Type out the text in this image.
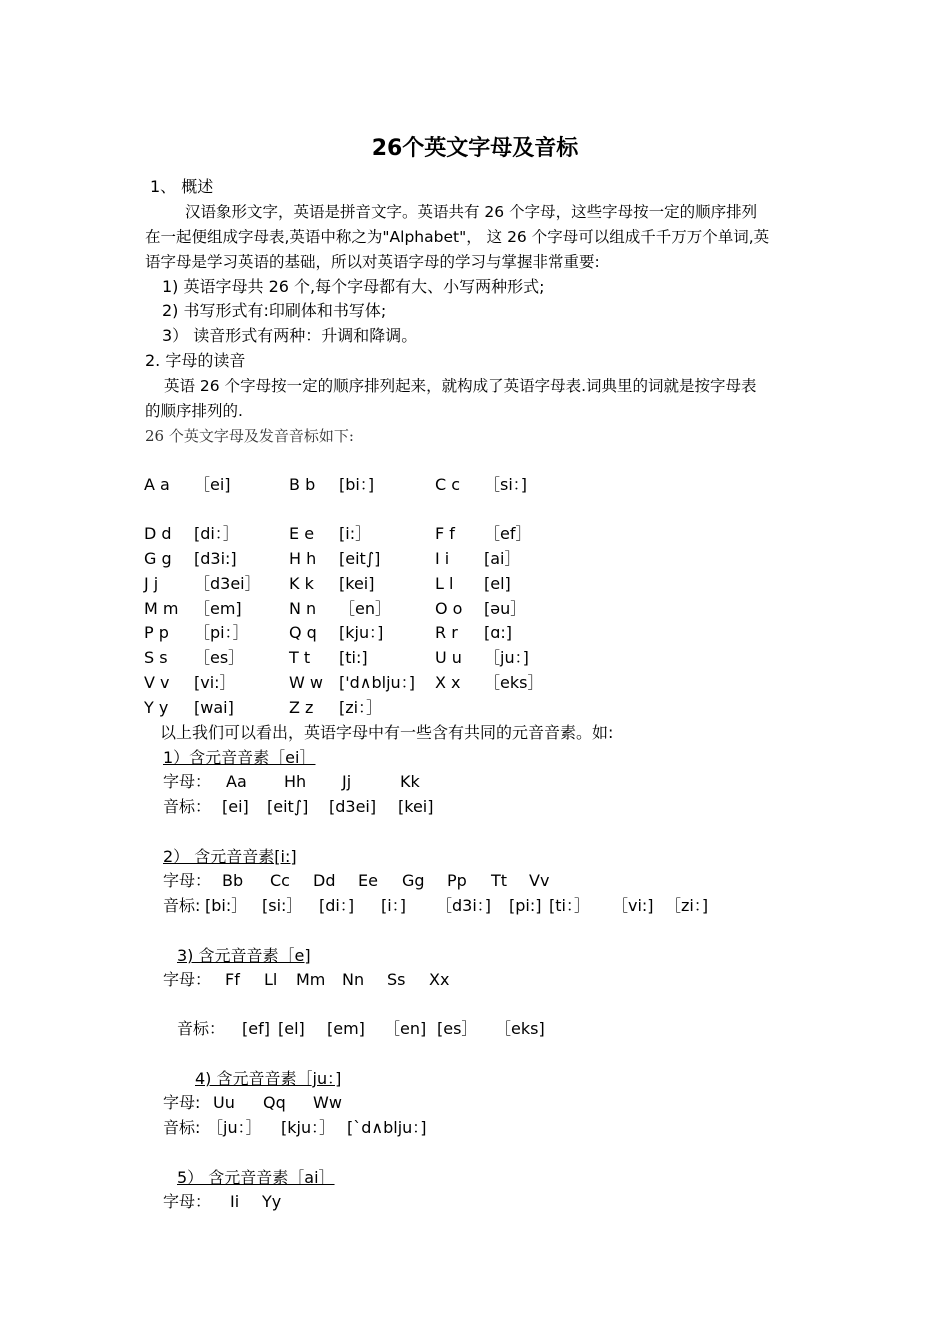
26个英文字母及音标
1、 概述
汉语象形文字，英语是拼音文字。英语共有 26 个字母，这些字母按一定的顺序排列
在一起便组成字母表,英语中称之为"Alphabet"， 这 26 个字母可以组成千千万万个单词,英
语字母是学习英语的基础，所以对英语字母的学习与掌握非常重要:
1) 英语字母共 26 个,每个字母都有大、小写两种形式;
2) 书写形式有:印刷体和书写体;
3） 读音形式有两种：升调和降调。
2. 字母的读音
英语 26 个字母按一定的顺序排列起来，就构成了英语字母表.词典里的词就是按字母表
的顺序排列的.
26 个英文字母及发音音标如下:
A a ［ei]	B b [bi：]	C c ［si：]
D d [di：］	E e [i:］	F f ［ef］
G g [d3i:]	H h [eit∫]	I i [ai］
J j ［d3ei］ K k [kei]	L l [el]
M m ［em]	N n ［en］	O o [əu］
P p ［pi：］	Q q [kju：]	R r [ɑ:]
S s ［es］	T t [ti:]	U u ［ju：]
V v [vi:］	W w ['d∧blju：] X x ［eks］
Y y [wai]	Z z [zi：］
以上我们可以看出，英语字母中有一些含有共同的元音音素。如:
1）含元音音素［ei］
字母： Aa Hh Jj	Kk
音标： [ei] [eit∫] [d3ei] [kei]
2） 含元音音素[i:]
字母： Bb Cc Dd Ee Gg Pp Tt Vv
音标: [bi:］ [si:］ [di：] [i：] ［d3i：] [pi:] [ti：］ ［vi:] ［zi：]
3) 含元音音素［e]
字母： Ff Ll Mm Nn Ss Xx
音标： [ef] [el] [em] ［en] [es］ ［eks]
4) 含元音音素［ju：]
字母: Uu Qq Ww
音标: ［ju：］ [kju：］ [`d∧blju：]
5） 含元音音素［ai］
字母： Ii Yy
